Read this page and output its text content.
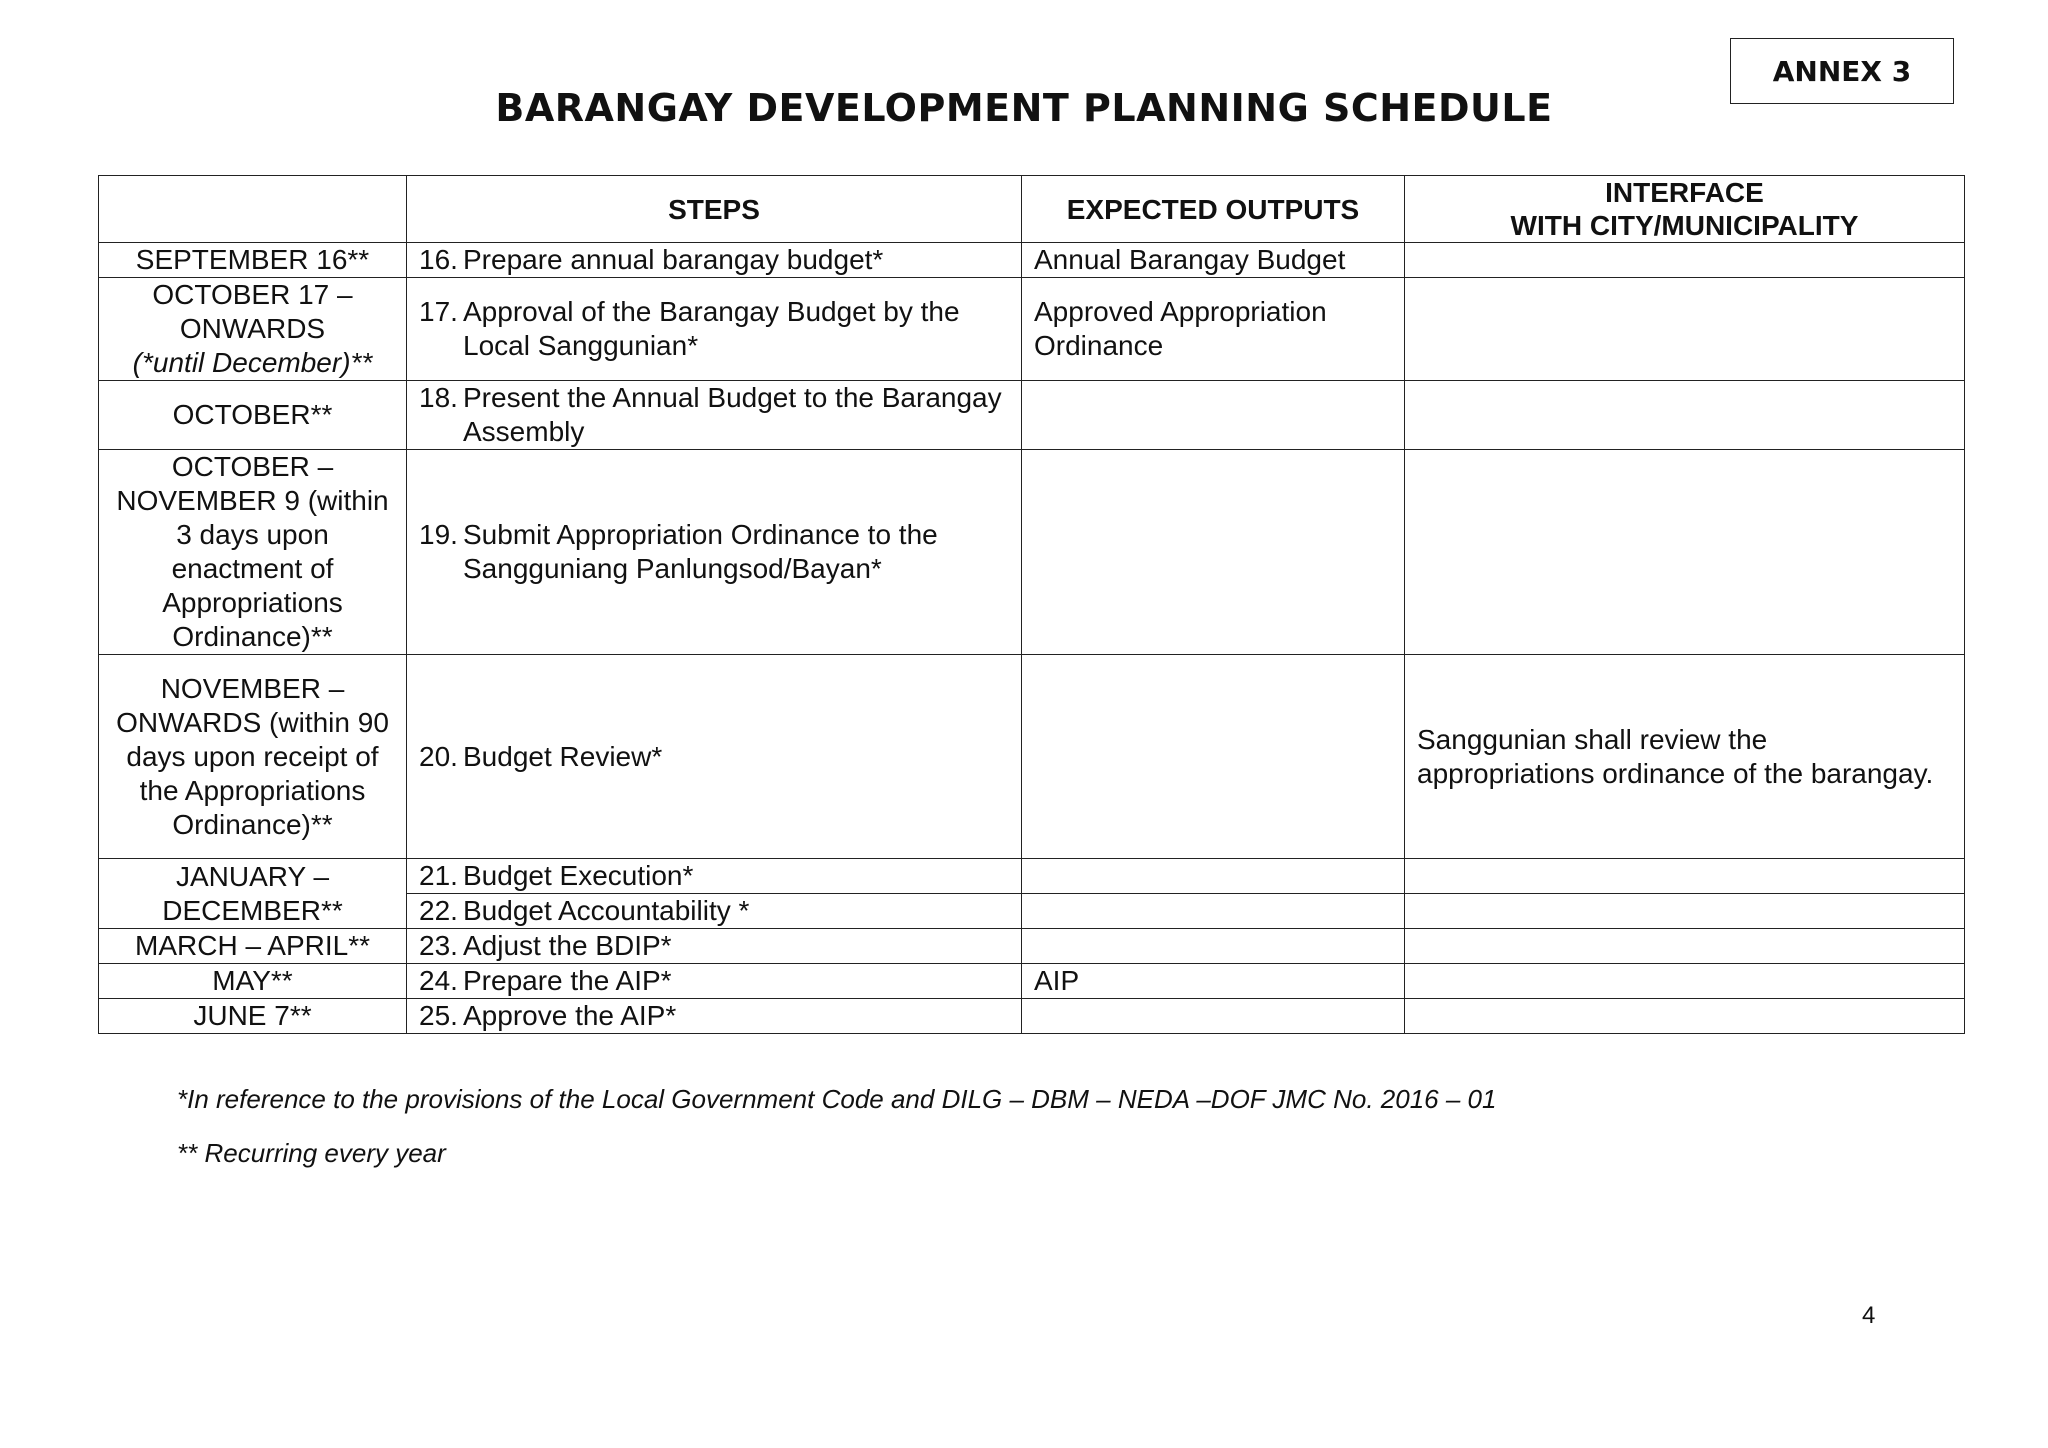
ANNEX 3
BARANGAY DEVELOPMENT PLANNING SCHEDULE
	STEPS	EXPECTED OUTPUTS	INTERFACE
WITH CITY/MUNICIPALITY
SEPTEMBER 16**	16. Prepare annual barangay budget*	Annual Barangay Budget	
OCTOBER 17 –
ONWARDS
(*until December)**	17. Approval of the Barangay Budget by the Local Sanggunian*	Approved Appropriation Ordinance	
OCTOBER**	18. Present the Annual Budget to the Barangay Assembly		

OCTOBER – NOVEMBER 9 (within 3 days upon enactment of Appropriations Ordinance)**	19. Submit Appropriation Ordinance to the Sangguniang Panlungsod/Bayan*		

NOVEMBER – ONWARDS (within 90 days upon receipt of the Appropriations Ordinance)**	20. Budget Review*		Sanggunian shall review the appropriations ordinance of the barangay.
JANUARY – DECEMBER**	21. Budget Execution*		

	22. Budget Accountability *		

MARCH – APRIL**	23. Adjust the BDIP*		

MAY**	24. Prepare the AIP*	AIP	
JUNE 7**	25. Approve the AIP*		

*In reference to the provisions of the Local Government Code and DILG – DBM – NEDA –DOF JMC No. 2016 – 01
** Recurring every year
4
